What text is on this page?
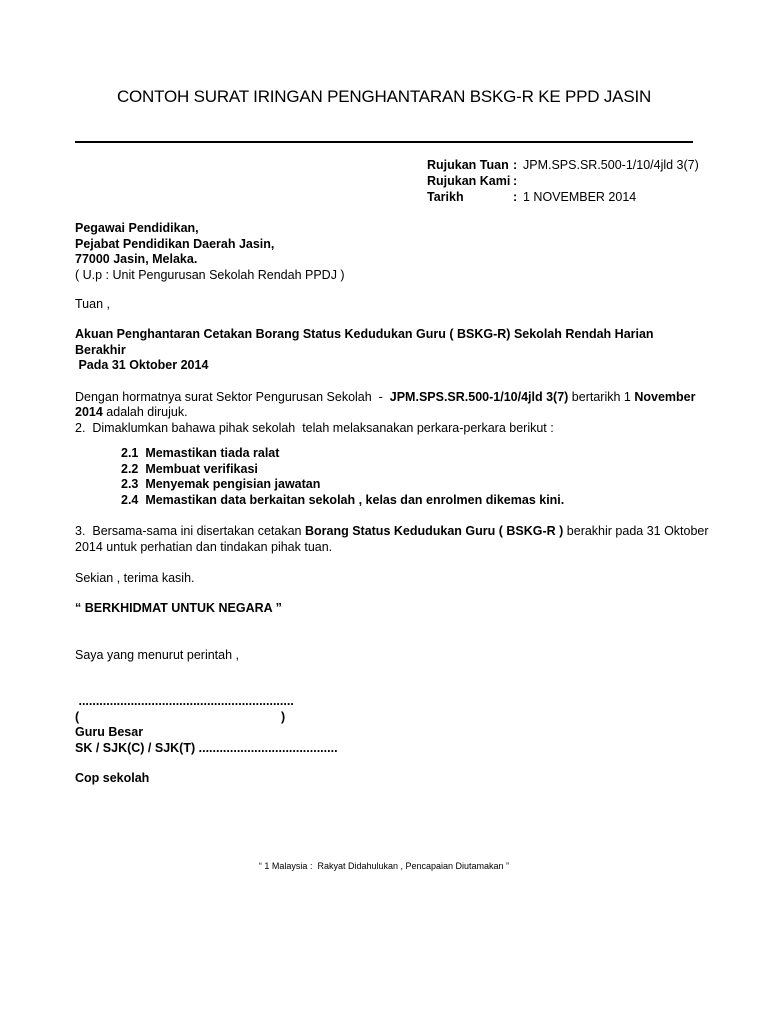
CONTOH SURAT IRINGAN PENGHANTARAN BSKG-R KE PPD JASIN
Rujukan Tuan : JPM.SPS.SR.500-1/10/4jld 3(7)
Rujukan Kami :
Tarikh	: 1 NOVEMBER 2014
Pegawai Pendidikan,
Pejabat Pendidikan Daerah Jasin,
77000 Jasin, Melaka.
( U.p : Unit Pengurusan Sekolah Rendah PPDJ )
Tuan ,
Akuan Penghantaran Cetakan Borang Status Kedudukan Guru ( BSKG-R) Sekolah Rendah Harian Berakhir
Pada 31 Oktober 2014

Dengan hormatnya surat Sektor Pengurusan Sekolah  -  JPM.SPS.SR.500-1/10/4jld 3(7) bertarikh 1 November
2014 adalah dirujuk.
2.  Dimaklumkan bahawa pihak sekolah  telah melaksanakan perkara-perkara berikut :
2.1  Memastikan tiada ralat
2.2  Membuat verifikasi
2.3  Menyemak pengisian jawatan
2.4  Memastikan data berkaitan sekolah , kelas dan enrolmen dikemas kini.
3.  Bersama-sama ini disertakan cetakan Borang Status Kedudukan Guru ( BSKG-R ) berakhir pada 31 Oktober
2014 untuk perhatian dan tindakan pihak tuan.
Sekian , terima kasih.
“ BERKHIDMAT UNTUK NEGARA ”
Saya yang menurut perintah ,
..............................................................
(	)
Guru Besar
SK / SJK(C) / SJK(T) ........................................
Cop sekolah
“ 1 Malaysia :  Rakyat Didahulukan , Pencapaian Diutamakan ”
